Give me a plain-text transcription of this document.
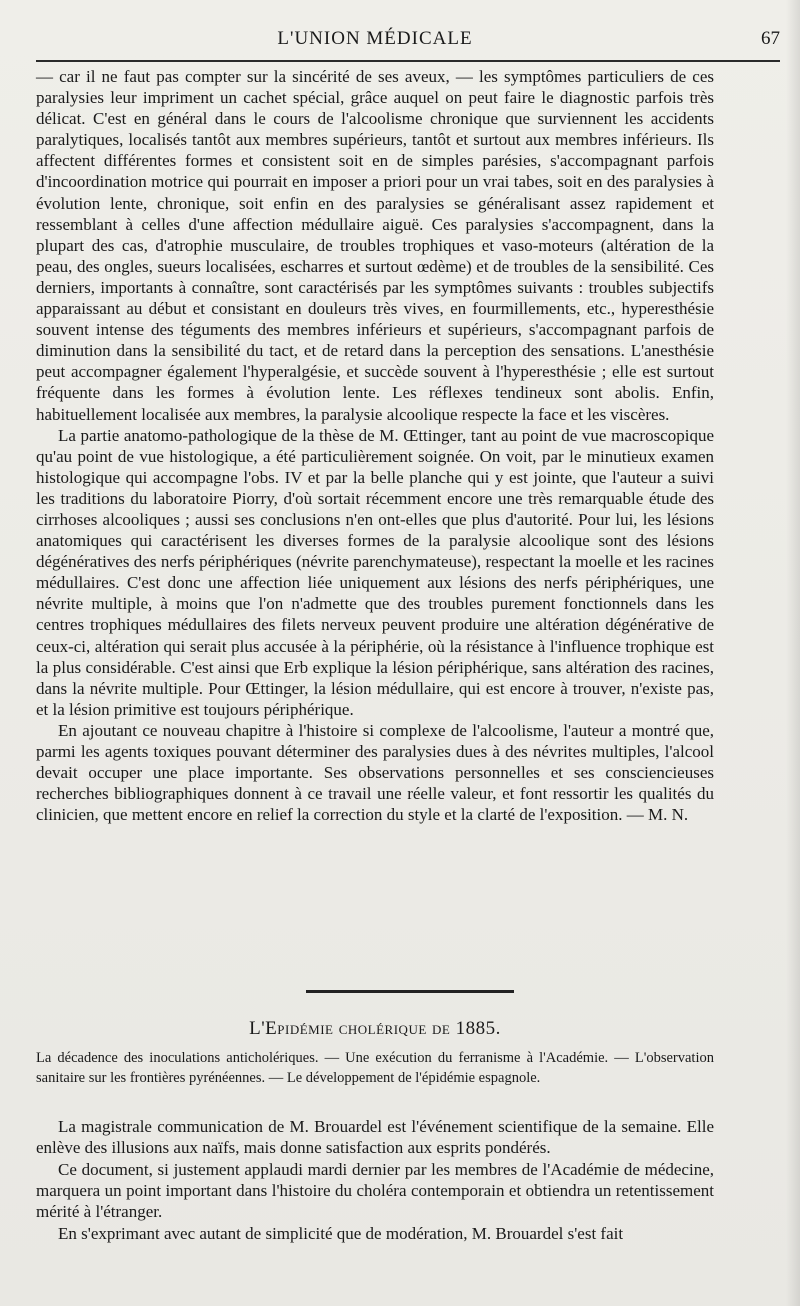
L'UNION MÉDICALE	67

— car il ne faut pas compter sur la sincérité de ses aveux, — les symptômes particuliers de ces paralysies leur impriment un cachet spécial, grâce auquel on peut faire le diagnostic parfois très délicat. C'est en général dans le cours de l'alcoolisme chronique que surviennent les accidents paralytiques, localisés tantôt aux membres supérieurs, tantôt et surtout aux membres inférieurs. Ils affectent différentes formes et consistent soit en de simples parésies, s'accompagnant parfois d'incoordination motrice qui pourrait en imposer a priori pour un vrai tabes, soit en des paralysies à évolution lente, chronique, soit enfin en des paralysies se généralisant assez rapidement et ressemblant à celles d'une affection médullaire aiguë. Ces paralysies s'accompagnent, dans la plupart des cas, d'atrophie musculaire, de troubles trophiques et vaso-moteurs (altération de la peau, des ongles, sueurs localisées, escharres et surtout œdème) et de troubles de la sensibilité. Ces derniers, importants à connaître, sont caractérisés par les symptômes suivants : troubles subjectifs apparaissant au début et consistant en douleurs très vives, en fourmillements, etc., hyperesthésie souvent intense des téguments des membres inférieurs et supérieurs, s'accompagnant parfois de diminution dans la sensibilité du tact, et de retard dans la perception des sensations. L'anesthésie peut accompagner également l'hyperalgésie, et succède souvent à l'hyperesthésie ; elle est surtout fréquente dans les formes à évolution lente. Les réflexes tendineux sont abolis. Enfin, habituellement localisée aux membres, la paralysie alcoolique respecte la face et les viscères.

La partie anatomo-pathologique de la thèse de M. Œttinger, tant au point de vue macroscopique qu'au point de vue histologique, a été particulièrement soignée. On voit, par le minutieux examen histologique qui accompagne l'obs. IV et par la belle planche qui y est jointe, que l'auteur a suivi les traditions du laboratoire Piorry, d'où sortait récemment encore une très remarquable étude des cirrhoses alcooliques ; aussi ses conclusions n'en ont-elles que plus d'autorité. Pour lui, les lésions anatomiques qui caractérisent les diverses formes de la paralysie alcoolique sont des lésions dégénératives des nerfs périphériques (névrite parenchymateuse), respectant la moelle et les racines médullaires. C'est donc une affection liée uniquement aux lésions des nerfs périphériques, une névrite multiple, à moins que l'on n'admette que des troubles purement fonctionnels dans les centres trophiques médullaires des filets nerveux peuvent produire une altération dégénérative de ceux-ci, altération qui serait plus accusée à la périphérie, où la résistance à l'influence trophique est la plus considérable. C'est ainsi que Erb explique la lésion périphérique, sans altération des racines, dans la névrite multiple. Pour Œttinger, la lésion médullaire, qui est encore à trouver, n'existe pas, et la lésion primitive est toujours périphérique.

En ajoutant ce nouveau chapitre à l'histoire si complexe de l'alcoolisme, l'auteur a montré que, parmi les agents toxiques pouvant déterminer des paralysies dues à des névrites multiples, l'alcool devait occuper une place importante. Ses observations personnelles et ses consciencieuses recherches bibliographiques donnent à ce travail une réelle valeur, et font ressortir les qualités du clinicien, que mettent encore en relief la correction du style et la clarté de l'exposition. — M. N.

L'Epidémie cholérique de 1885.
La décadence des inoculations anticholériques. — Une exécution du ferranisme à l'Académie. — L'observation sanitaire sur les frontières pyrénéennes. — Le développement de l'épidémie espagnole.

La magistrale communication de M. Brouardel est l'événement scientifique de la semaine. Elle enlève des illusions aux naïfs, mais donne satisfaction aux esprits pondérés.

Ce document, si justement applaudi mardi dernier par les membres de l'Académie de médecine, marquera un point important dans l'histoire du choléra contemporain et obtiendra un retentissement mérité à l'étranger.

En s'exprimant avec autant de simplicité que de modération, M. Brouardel s'est fait
